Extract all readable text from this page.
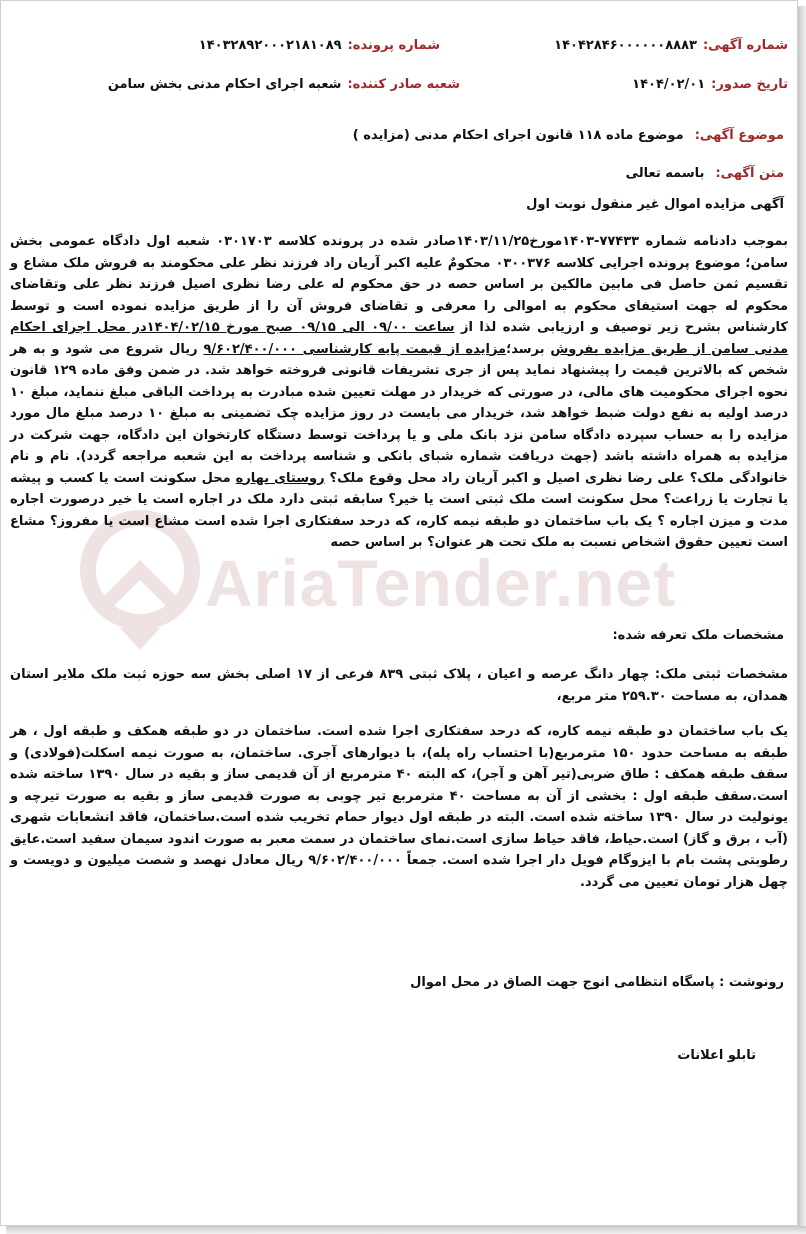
شماره آگهی:
۱۴۰۴۲۸۴۶۰۰۰۰۰۰۸۸۸۳
شماره پرونده:
۱۴۰۳۲۸۹۲۰۰۰۲۱۸۱۰۸۹
تاریخ صدور:
۱۴۰۴/۰۲/۰۱
شعبه صادر کننده:
شعبه اجرای احکام مدنی بخش سامن
موضوع آگهی: موضوع ماده ۱۱۸ قانون اجرای احکام مدنی (مزایده )
متن آگهی: باسمه تعالی
آگهی مزایده اموال غیر منقول نوبت اول
بموجب دادنامه شماره ۷۷۴۳۳-۱۴۰۳مورخ۱۴۰۳/۱۱/۲۵صادر شده در پرونده کلاسه ۰۳۰۱۷۰۳ شعبه اول دادگاه عمومی بخش سامن؛ موضوع پرونده اجرایی کلاسه ۰۳۰۰۳۷۶ محکومٌ علیه اکبر آریان راد فرزند نظر علی محکومند به فروش ملک مشاع و تقسیم ثمن حاصل فی مابین مالکین بر اساس حصه در حق محکوم له علی رضا نظری اصیل فرزند نظر علی وتقاضای محکوم له جهت استیفای محکوم به اموالی را معرفی و تقاضای فروش آن را از طریق مزایده نموده است و توسط کارشناس بشرح زیر توصیف و ارزیابی شده لذا از ساعت ۰۹/۰۰ الی ۰۹/۱۵ صبح مورخ ۱۴۰۴/۰۲/۱۵در محل اجرای احکام مدنی سامن از طریق مزایده بفروش برسد؛مزایده از قیمت پایه کارشناسی ۹/۶۰۲/۴۰۰/۰۰۰ ریال شروع می شود و به هر شخص که بالاترین قیمت را پیشنهاد نماید پس از جری تشریفات قانونی فروخته خواهد شد. در ضمن وفق ماده ۱۲۹ قانون نحوه اجرای محکومیت های مالی، در صورتی که خریدار در مهلت تعیین شده مبادرت به پرداخت الباقی مبلغ ننماید، مبلغ ۱۰ درصد اولیه به نفع دولت ضبط خواهد شد، خریدار می بایست در روز مزایده چک تضمینی به مبلغ ۱۰ درصد مبلغ مال مورد مزایده را به حساب سپرده دادگاه سامن نزد بانک ملی و یا پرداخت توسط دستگاه کارتخوان این دادگاه، جهت شرکت در مزایده به همراه داشته باشد (جهت دریافت شماره شبای بانکی و شناسه پرداخت به این شعبه مراجعه گردد). نام و نام خانوادگی ملک؟ علی رضا نظری اصیل و اکبر آریان راد محل وقوع ملک؟ روستای بهاره محل سکونت است یا کسب و پیشه یا تجارت یا زراعت؟ محل سکونت است ملک ثبتی است یا خیر؟ سابقه ثبتی دارد ملک در اجاره است یا خیر درصورت اجاره مدت و میزن اجاره ؟ یک باب ساختمان دو طبقه نیمه کاره، که درحد سفتکاری اجرا شده است مشاع است یا مفروز؟ مشاع است تعیین حقوق اشخاص نسبت به ملک تحت هر عنوان؟ بر اساس حصه
مشخصات ملک تعرفه شده:
مشخصات ثبتی ملک: چهار دانگ عرصه و اعیان ، پلاک ثبتی ۸۳۹ فرعی از ۱۷ اصلی بخش سه حوزه ثبت ملک ملایر استان همدان، به مساحت ۲۵۹.۳۰ متر مربع،
یک باب ساختمان دو طبقه نیمه کاره، که درحد سفتکاری اجرا شده است. ساختمان در دو طبقه همکف و طبقه اول ، هر طبقه به مساحت حدود ۱۵۰ مترمربع(با احتساب راه پله)، با دیوارهای آجری. ساختمان، به صورت نیمه اسکلت(فولادی) و سقف طبقه همکف : طاق ضربی(تیر آهن و آجر)، که البته ۴۰ مترمربع از آن قدیمی ساز و بقیه در سال ۱۳۹۰ ساخته شده است.سقف طبقه اول : بخشی از آن به مساحت ۴۰ مترمربع تیر چوبی به صورت قدیمی ساز و بقیه به صورت تیرچه و یونولیت در سال ۱۳۹۰ ساخته شده است. البته در طبقه اول دیوار حمام تخریب شده است.ساختمان، فاقد انشعابات شهری (آب ، برق و گاز) است.حیاط، فاقد حیاط سازی است.نمای ساختمان در سمت معبر به صورت اندود سیمان سفید است.عایق رطوبتی پشت بام با ایزوگام فویل دار اجرا شده است. جمعاً ۹/۶۰۲/۴۰۰/۰۰۰ ریال معادل نهصد و شصت میلیون و دویست و چهل هزار تومان تعیین می گردد.
رونوشت : پاسگاه انتظامی انوج جهت الصاق در محل اموال
تابلو اعلانات
